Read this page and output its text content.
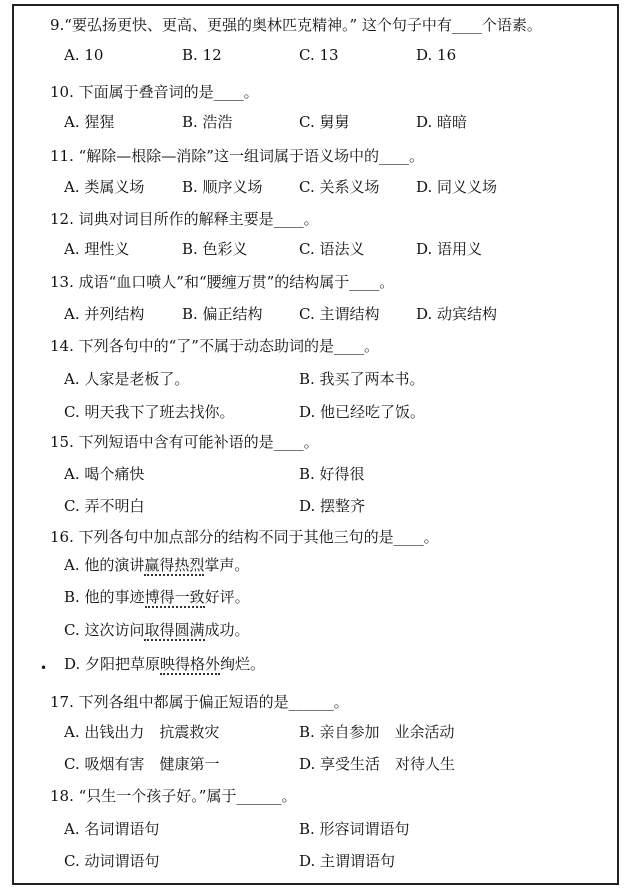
9.“要弘扬更快、更高、更强的奥林匹克精神。” 这个句子中有____个语素。
A. 10	B. 12	C. 13	D. 16
10. 下面属于叠音词的是____。
A. 猩猩	B. 浩浩	C. 舅舅	D. 暗暗
11. “解除—根除—消除”这一组词属于语义场中的____。
A. 类属义场	B. 顺序义场 C. 关系义场 D. 同义义场
12. 词典对词目所作的解释主要是____。
A. 理性义	B. 色彩义	C. 语法义	D. 语用义
13. 成语“血口喷人”和“腰缠万贯”的结构属于____。
A. 并列结构	B. 偏正结构 C. 主谓结构 D. 动宾结构
14. 下列各句中的“了”不属于动态助词的是____。
A. 人家是老板了。	B. 我买了两本书。
C. 明天我下了班去找你。	D. 他已经吃了饭。
15. 下列短语中含有可能补语的是____。
A. 喝个痛快	B. 好得很
C. 弄不明白	D. 摆整齐
16. 下列各句中加点部分的结构不同于其他三句的是____。
A. 他的演讲赢得热烈掌声。
B. 他的事迹博得一致好评。
C. 这次访问取得圆满成功。
• D. 夕阳把草原映得格外绚烂。
17. 下列各组中都属于偏正短语的是______。
A. 出钱出力　抗震救灾	B. 亲自参加　业余活动
C. 吸烟有害　健康第一	D. 享受生活　对待人生
18. “只生一个孩子好。”属于______。
A. 名词谓语句	B. 形容词谓语句
C. 动词谓语句	D. 主谓谓语句
